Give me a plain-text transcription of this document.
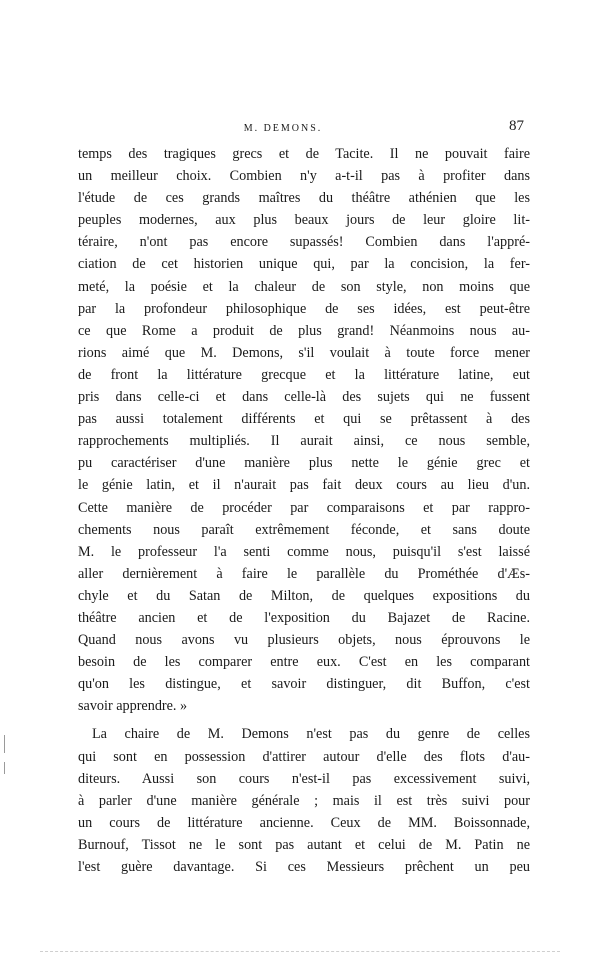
M. DEMONS.	87
temps des tragiques grecs et de Tacite. Il ne pouvait faire
un meilleur choix. Combien n'y a-t-il pas à profiter dans
l'étude de ces grands maîtres du théâtre athénien que les
peuples modernes, aux plus beaux jours de leur gloire lit-
téraire, n'ont pas encore supassés! Combien dans l'appré-
ciation de cet historien unique qui, par la concision, la fer-
meté, la poésie et la chaleur de son style, non moins que
par la profondeur philosophique de ses idées, est peut-être
ce que Rome a produit de plus grand! Néanmoins nous au-
rions aimé que M. Demons, s'il voulait à toute force mener
de front la littérature grecque et la littérature latine, eut
pris dans celle-ci et dans celle-là des sujets qui ne fussent
pas aussi totalement différents et qui se prêtassent à des
rapprochements multipliés. Il aurait ainsi, ce nous semble,
pu caractériser d'une manière plus nette le génie grec et
le génie latin, et il n'aurait pas fait deux cours au lieu d'un.
Cette manière de procéder par comparaisons et par rappro-
chements nous paraît extrêmement féconde, et sans doute
M. le professeur l'a senti comme nous, puisqu'il s'est laissé
aller dernièrement à faire le parallèle du Prométhée d'Æs-
chyle et du Satan de Milton, de quelques expositions du
théâtre ancien et de l'exposition du Bajazet de Racine.
Quand nous avons vu plusieurs objets, nous éprouvons le
besoin de les comparer entre eux. C'est en les comparant
qu'on les distingue, et savoir distinguer, dit Buffon, c'est
savoir apprendre. »
La chaire de M. Demons n'est pas du genre de celles
qui sont en possession d'attirer autour d'elle des flots d'au-
diteurs. Aussi son cours n'est-il pas excessivement suivi,
à parler d'une manière générale ; mais il est très suivi pour
un cours de littérature ancienne. Ceux de MM. Boissonnade,
Burnouf, Tissot ne le sont pas autant et celui de M. Patin ne
l'est guère davantage. Si ces Messieurs prêchent un peu
